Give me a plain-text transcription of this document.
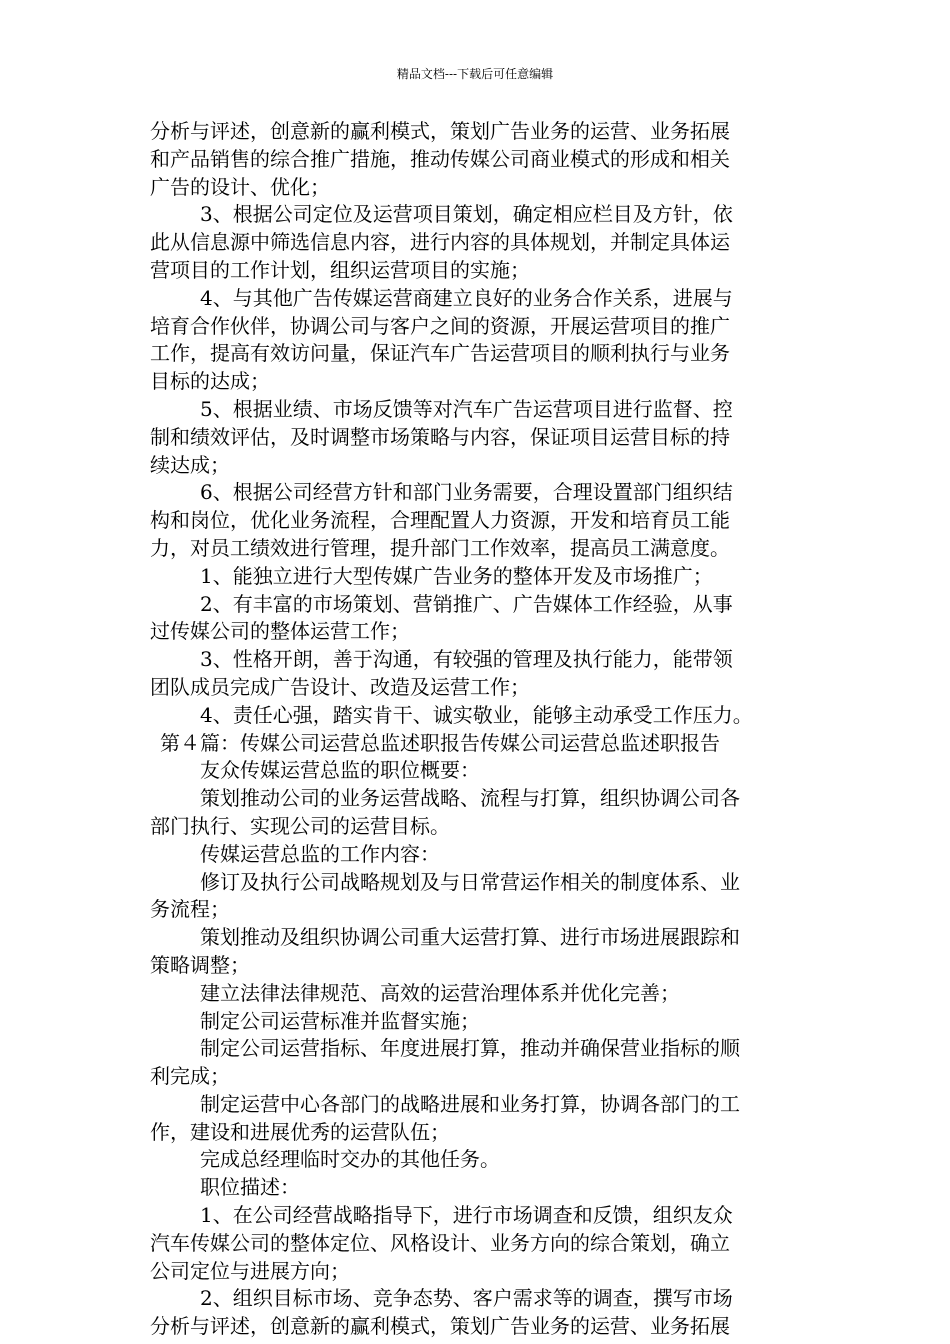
精品文档---下载后可任意编辑
分析与评述，创意新的赢利模式，策划广告业务的运营、业务拓展
和产品销售的综合推广措施，推动传媒公司商业模式的形成和相关
广告的设计、优化；
3、根据公司定位及运营项目策划，确定相应栏目及方针，依
此从信息源中筛选信息内容，进行内容的具体规划，并制定具体运
营项目的工作计划，组织运营项目的实施；
4、与其他广告传媒运营商建立良好的业务合作关系，进展与
培育合作伙伴，协调公司与客户之间的资源，开展运营项目的推广
工作，提高有效访问量，保证汽车广告运营项目的顺利执行与业务
目标的达成；
5、根据业绩、市场反馈等对汽车广告运营项目进行监督、控
制和绩效评估，及时调整市场策略与内容，保证项目运营目标的持
续达成；
6、根据公司经营方针和部门业务需要，合理设置部门组织结
构和岗位，优化业务流程，合理配置人力资源，开发和培育员工能
力，对员工绩效进行管理，提升部门工作效率，提高员工满意度。
1、能独立进行大型传媒广告业务的整体开发及市场推广；
2、有丰富的市场策划、营销推广、广告媒体工作经验，从事
过传媒公司的整体运营工作；
3、性格开朗，善于沟通，有较强的管理及执行能力，能带领
团队成员完成广告设计、改造及运营工作；
4、责任心强，踏实肯干、诚实敬业，能够主动承受工作压力。
第４篇：传媒公司运营总监述职报告传媒公司运营总监述职报告
友众传媒运营总监的职位概要：
策划推动公司的业务运营战略、流程与打算，组织协调公司各
部门执行、实现公司的运营目标。
传媒运营总监的工作内容：
修订及执行公司战略规划及与日常营运作相关的制度体系、业
务流程；
策划推动及组织协调公司重大运营打算、进行市场进展跟踪和
策略调整；
建立法律法律规范、高效的运营治理体系并优化完善；
制定公司运营标准并监督实施；
制定公司运营指标、年度进展打算，推动并确保营业指标的顺
利完成；
制定运营中心各部门的战略进展和业务打算，协调各部门的工
作，建设和进展优秀的运营队伍；
完成总经理临时交办的其他任务。
职位描述：
1、在公司经营战略指导下，进行市场调查和反馈，组织友众
汽车传媒公司的整体定位、风格设计、业务方向的综合策划，确立
公司定位与进展方向；
2、组织目标市场、竞争态势、客户需求等的调查，撰写市场
分析与评述，创意新的赢利模式，策划广告业务的运营、业务拓展
